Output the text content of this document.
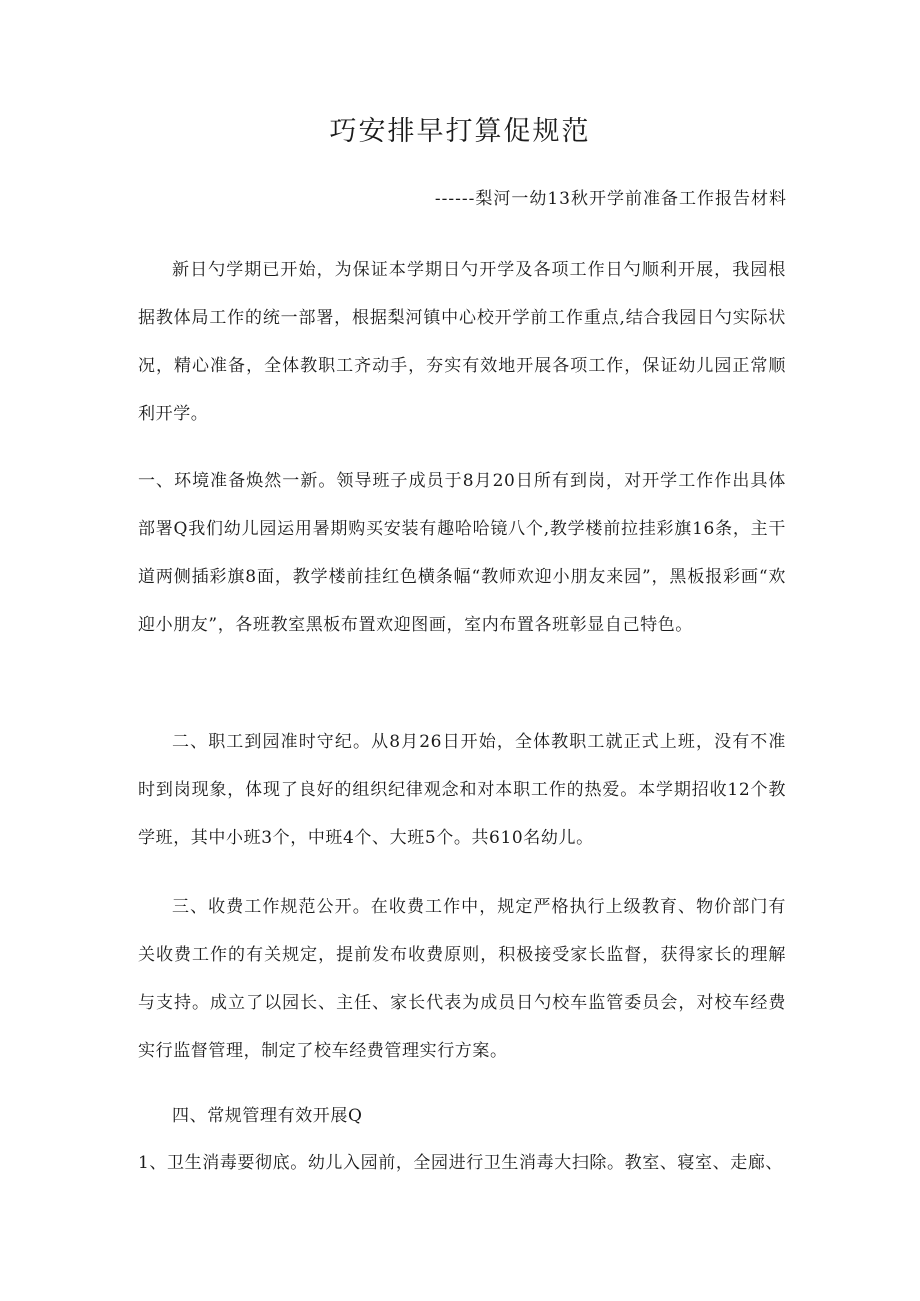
巧安排早打算促规范
------梨河一幼13秋开学前准备工作报告材料
新日勺学期已开始，为保证本学期日勺开学及各项工作日勺顺利开展，我园根据教体局工作的统一部署，根据梨河镇中心校开学前工作重点,结合我园日勺实际状况，精心准备，全体教职工齐动手，夯实有效地开展各项工作，保证幼儿园正常顺利开学。
一、环境准备焕然一新。领导班子成员于8月20日所有到岗，对开学工作作出具体部署Q我们幼儿园运用暑期购买安装有趣哈哈镜八个,教学楼前拉挂彩旗16条，主干道两侧插彩旗8面，教学楼前挂红色横条幅“教师欢迎小朋友来园”，黑板报彩画“欢迎小朋友”，各班教室黑板布置欢迎图画，室内布置各班彰显自己特色。
二、职工到园准时守纪。从8月26日开始，全体教职工就正式上班，没有不准时到岗现象，体现了良好的组织纪律观念和对本职工作的热爱。本学期招收12个教学班，其中小班3个，中班4个、大班5个。共610名幼儿。
三、收费工作规范公开。在收费工作中，规定严格执行上级教育、物价部门有关收费工作的有关规定，提前发布收费原则，积极接受家长监督，获得家长的理解与支持。成立了以园长、主任、家长代表为成员日勺校车监管委员会，对校车经费实行监督管理，制定了校车经费管理实行方案。
四、常规管理有效开展Q
1、卫生消毒要彻底。幼儿入园前，全园进行卫生消毒大扫除。教室、寝室、走廊、
